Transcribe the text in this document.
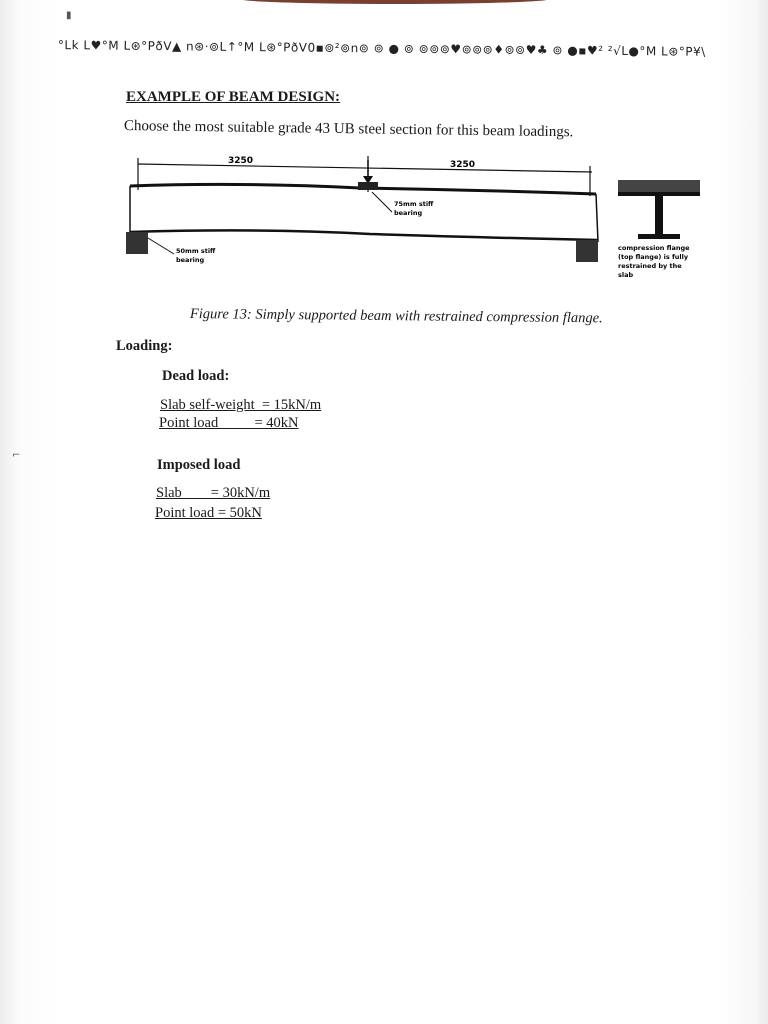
▮
⌐
°Lk L♥°M L⊛°PðV▲ n⊛·⊚L↑°M L⊛°PðV0▪⊚²⊚n⊚ ⊚ ● ⊚ ⊚⊚⊚♥⊚⊚⊚♦⊚⊚♥♣ ⊚ ●▪♥² ²√L●°M L⊛°P¥\
EXAMPLE OF BEAM DESIGN:
Choose the most suitable grade 43 UB steel section for this beam loadings.
3250	3250
75mm stiff
bearing
50mm stiff
bearing
compression flange
(top flange) is fully
restrained by the
slab
Figure 13: Simply supported beam with restrained compression flange.
Loading:
Dead load:
Slab self-weight  = 15kN/m
Point load          = 40kN
Imposed load
Slab        = 30kN/m
Point load = 50kN
